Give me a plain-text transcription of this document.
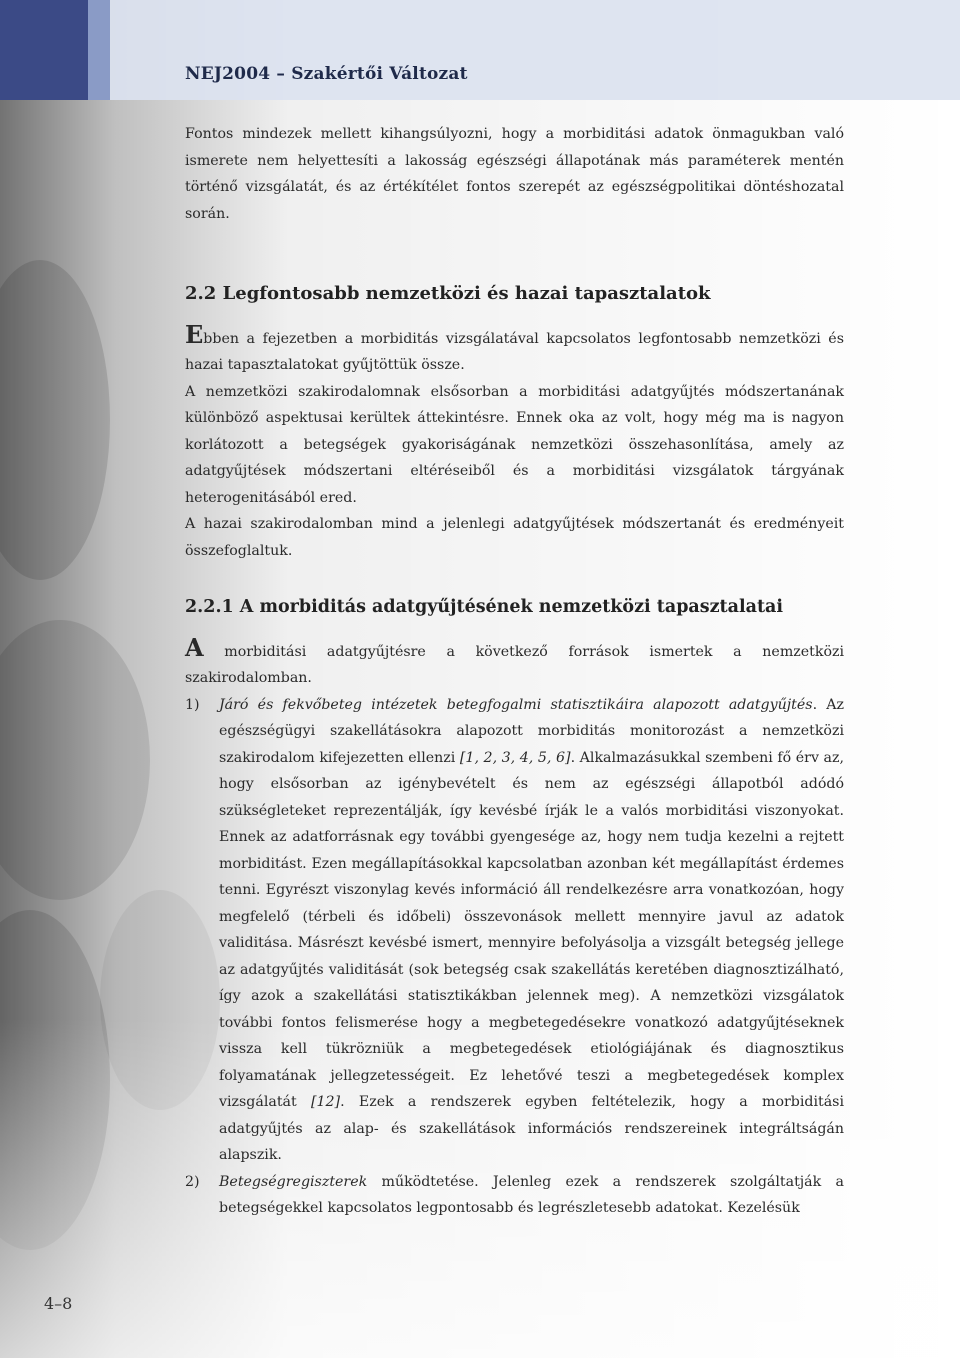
NEJ2004 – Szakértői Változat

Fontos mindezek mellett kihangsúlyozni, hogy a morbiditási adatok önmagukban való ismerete nem helyettesíti a lakosság egészségi állapotának más paraméterek mentén történő vizsgálatát, és az értékítélet fontos szerepét az egészségpolitikai döntéshozatal során.

2.2 Legfontosabb nemzetközi és hazai tapasztalatok

Ebben a fejezetben a morbiditás vizsgálatával kapcsolatos legfontosabb nemzetközi és hazai tapasztalatokat gyűjtöttük össze.

A nemzetközi szakirodalomnak elsősorban a morbiditási adatgyűjtés módszertanának különböző aspektusai kerültek áttekintésre. Ennek oka az volt, hogy még ma is nagyon korlátozott a betegségek gyakoriságának nemzetközi összehasonlítása, amely az adatgyűjtések módszertani eltéréseiből és a morbiditási vizsgálatok tárgyának heterogenitásából ered.

A hazai szakirodalomban mind a jelenlegi adatgyűjtések módszertanát és eredményeit összefoglaltuk.

2.2.1 A morbiditás adatgyűjtésének nemzetközi tapasztalatai

A morbiditási adatgyűjtésre a következő források ismertek a nemzetközi szakirodalomban.

1) Járó és fekvőbeteg intézetek betegfogalmi statisztikáira alapozott adatgyűjtés. Az egészségügyi szakellátásokra alapozott morbiditás monitorozást a nemzetközi szakirodalom kifejezetten ellenzi [1, 2, 3, 4, 5, 6]. Alkalmazásukkal szembeni fő érv az, hogy elsősorban az igénybevételt és nem az egészségi állapotból adódó szükségleteket reprezentálják, így kevésbé írják le a valós morbiditási viszonyokat. Ennek az adatforrásnak egy további gyengesége az, hogy nem tudja kezelni a rejtett morbiditást. Ezen megállapításokkal kapcsolatban azonban két megállapítást érdemes tenni. Egyrészt viszonylag kevés információ áll rendelkezésre arra vonatkozóan, hogy megfelelő (térbeli és időbeli) összevonások mellett mennyire javul az adatok validitása. Másrészt kevésbé ismert, mennyire befolyásolja a vizsgált betegség jellege az adatgyűjtés validitását (sok betegség csak szakellátás keretében diagnosztizálható, így azok a szakellátási statisztikákban jelennek meg). A nemzetközi vizsgálatok további fontos felismerése hogy a megbetegedésekre vonatkozó adatgyűjtéseknek vissza kell tükrözniük a megbetegedések etiológiájának és diagnosztikus folyamatának jellegzetességeit. Ez lehetővé teszi a megbetegedések komplex vizsgálatát [12]. Ezek a rendszerek egyben feltételezik, hogy a morbiditási adatgyűjtés az alap- és szakellátások információs rendszereinek integráltságán alapszik.
2) Betegségregiszterek működtetése. Jelenleg ezek a rendszerek szolgáltatják a betegségekkel kapcsolatos legpontosabb és legrészletesebb adatokat. Kezelésük
4–8
